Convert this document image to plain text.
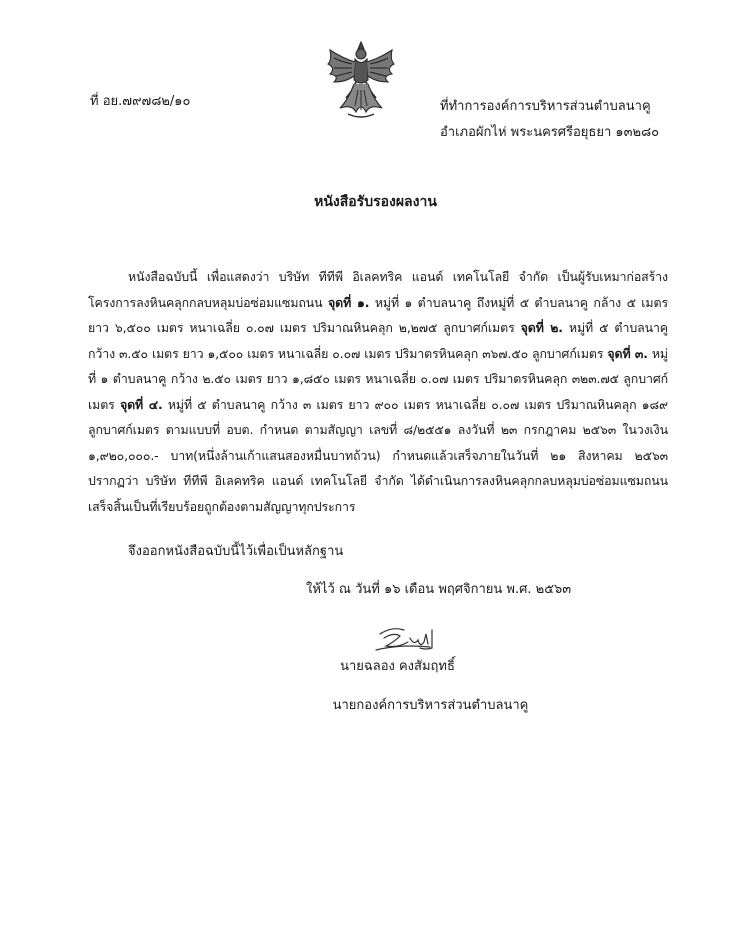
ที่ อย.๗๙๗๘๒/๑๐	ที่ทำการองค์การบริหารส่วนตำบลนาคู
อำเภอผักไห่ พระนครศรีอยุธยา ๑๓๒๘๐
หนังสือรับรองผลงาน
หนังสือฉบับนี้ เพื่อแสดงว่า บริษัท ทีทีพี อิเลคทริค แอนด์ เทคโนโลยี จำกัด เป็นผู้รับเหมาก่อสร้าง โครงการลงหินคลุกกลบหลุมบ่อซ่อมแซมถนน จุดที่ ๑. หมู่ที่ ๑ ตำบลนาคู ถึงหมู่ที่ ๕ ตำบลนาคู กล้าง ๕ เมตร ยาว ๖,๕๐๐ เมตร หนาเฉลี่ย ๐.๐๗ เมตร ปริมาณหินคลุก ๒,๒๗๕ ลูกบาศก์เมตร จุดที่ ๒. หมู่ที่ ๕ ตำบลนาคู กว้าง ๓.๕๐ เมตร ยาว ๑,๕๐๐ เมตร หนาเฉลี่ย ๐.๐๗ เมตร ปริมาตรหินคลุก ๓๖๗.๕๐ ลูกบาศก์เมตร จุดที่ ๓. หมู่ที่ ๑ ตำบลนาคู กว้าง ๒.๕๐ เมตร ยาว ๑,๘๕๐ เมตร หนาเฉลี่ย ๐.๐๗ เมตร ปริมาตรหินคลุก ๓๒๓.๗๕ ลูกบาศก์เมตร จุดที่ ๔. หมู่ที่ ๕ ตำบลนาคู กว้าง ๓ เมตร ยาว ๙๐๐ เมตร หนาเฉลี่ย ๐.๐๗ เมตร ปริมาณหินคลุก ๑๘๙ ลูกบาศก์เมตร ตามแบบที่ อบต. กำหนด ตามสัญญา เลขที่ ๘/๒๕๕๑ ลงวันที่ ๒๓ กรกฎาคม ๒๕๖๓ ในวงเงิน ๑,๙๒๐,๐๐๐.- บาท(หนึ่งล้านเก้าแสนสองหมื่นบาทถ้วน) กำหนดแล้วเสร็จภายในวันที่ ๒๑ สิงหาคม ๒๕๖๓ ปรากฏว่า บริษัท ทีทีพี อิเลคทริค แอนด์ เทคโนโลยี จำกัด ได้ดำเนินการลงหินคลุกกลบหลุมบ่อซ่อมแซมถนน เสร็จสิ้นเป็นที่เรียบร้อยถูกต้องตามสัญญาทุกประการ
จึงออกหนังสือฉบับนี้ไว้เพื่อเป็นหลักฐาน
ให้ไว้ ณ วันที่ ๑๖ เดือน พฤศจิกายน พ.ศ. ๒๕๖๓
นายฉลอง คงสัมฤทธิ์
นายกองค์การบริหารส่วนตำบลนาคู
